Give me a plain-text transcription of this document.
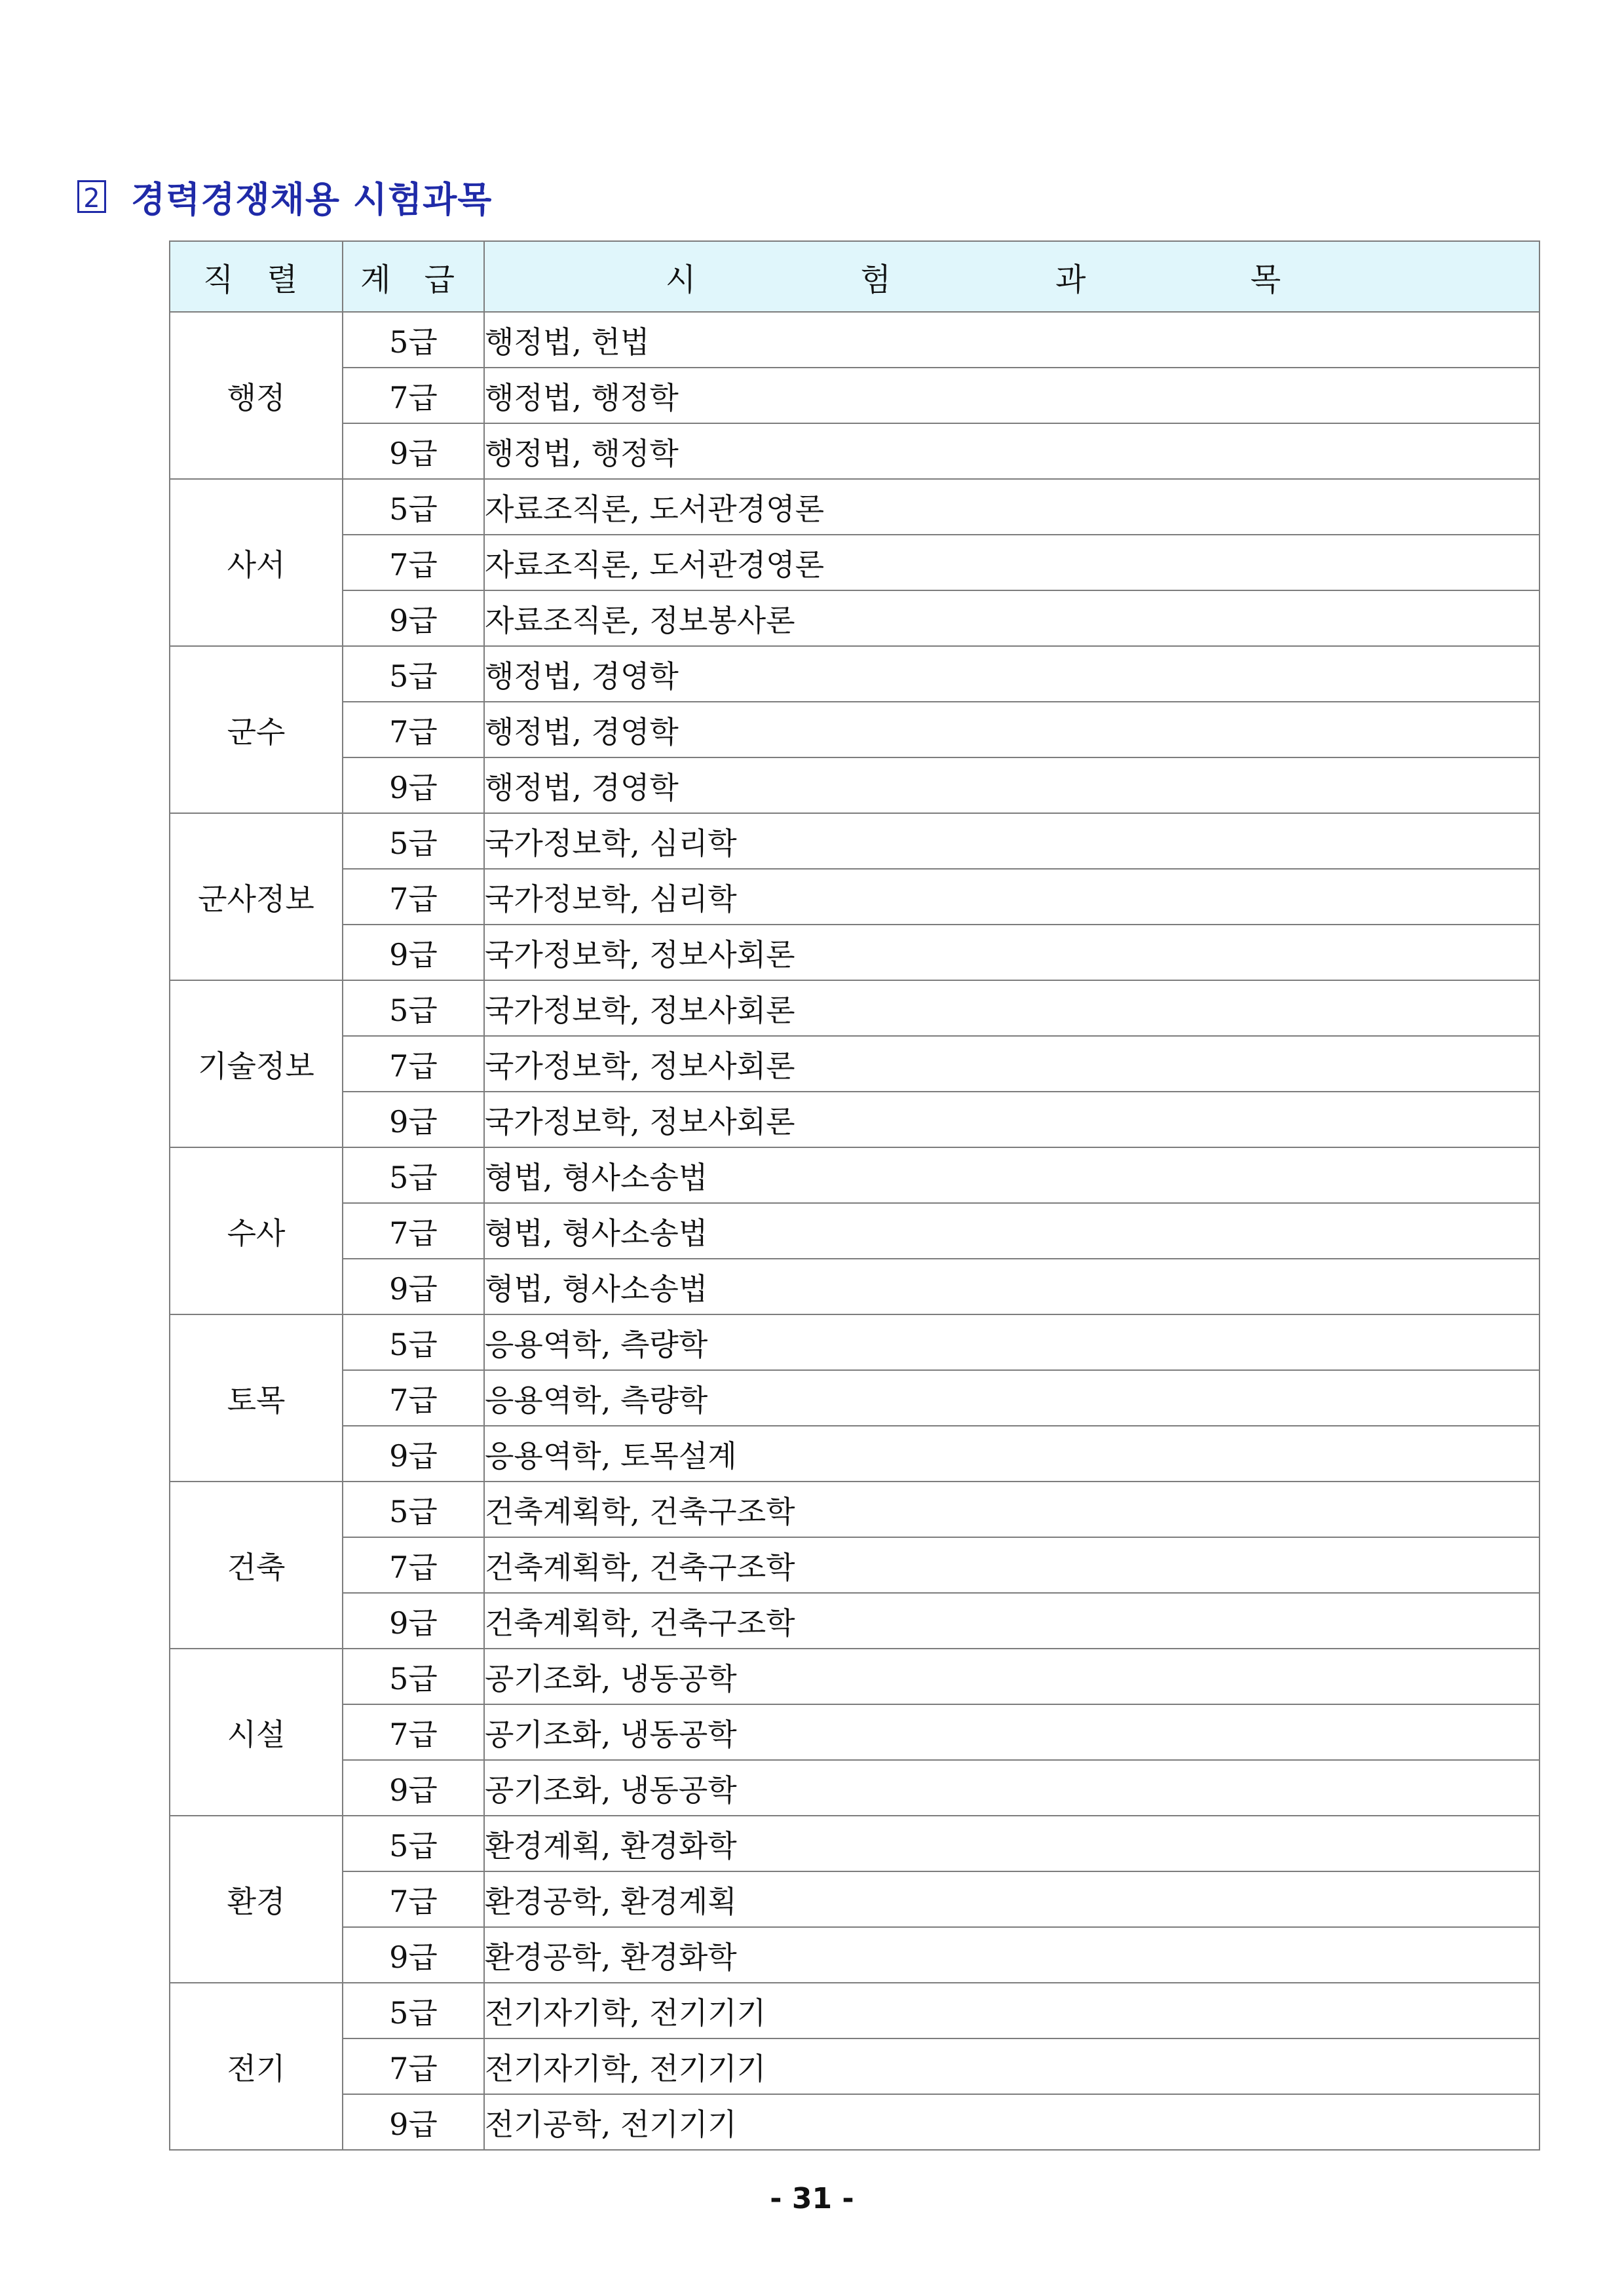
2 경력경쟁채용 시험과목
직 렬	계 급	시 험 과 목
행정	5급	행정법, 헌법
	7급	행정법, 행정학
	9급	행정법, 행정학
사서	5급	자료조직론, 도서관경영론
	7급	자료조직론, 도서관경영론
	9급	자료조직론, 정보봉사론
군수	5급	행정법, 경영학
	7급	행정법, 경영학
	9급	행정법, 경영학
군사정보	5급	국가정보학, 심리학
	7급	국가정보학, 심리학
	9급	국가정보학, 정보사회론
기술정보	5급	국가정보학, 정보사회론
	7급	국가정보학, 정보사회론
	9급	국가정보학, 정보사회론
수사	5급	형법, 형사소송법
	7급	형법, 형사소송법
	9급	형법, 형사소송법
토목	5급	응용역학, 측량학
	7급	응용역학, 측량학
	9급	응용역학, 토목설계
건축	5급	건축계획학, 건축구조학
	7급	건축계획학, 건축구조학
	9급	건축계획학, 건축구조학
시설	5급	공기조화, 냉동공학
	7급	공기조화, 냉동공학
	9급	공기조화, 냉동공학
환경	5급	환경계획, 환경화학
	7급	환경공학, 환경계획
	9급	환경공학, 환경화학
전기	5급	전기자기학, 전기기기
	7급	전기자기학, 전기기기
	9급	전기공학, 전기기기
- 31 -
